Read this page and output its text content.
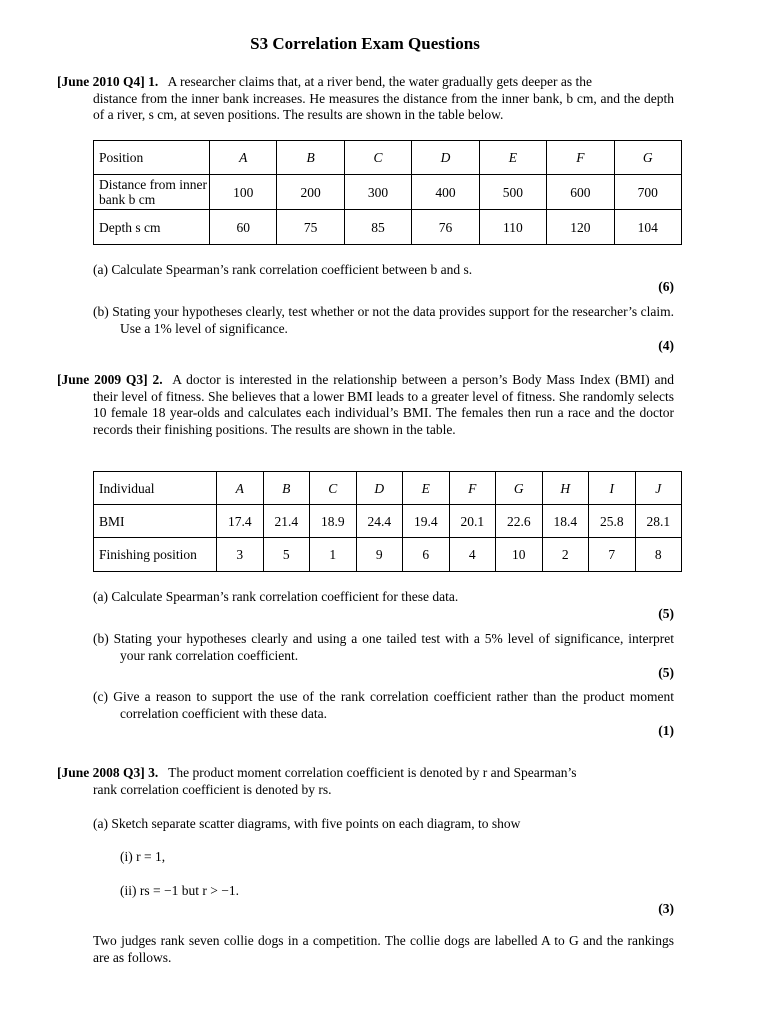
S3 Correlation Exam Questions
[June 2010 Q4] 1. A researcher claims that, at a river bend, the water gradually gets deeper as the
distance from the inner bank increases. He measures the distance from the inner bank, b cm, and the depth of a river, s cm, at seven positions. The results are shown in the table below.
Position	A	B	C	D	E	F	G
Distance from inner bank b cm	100	200	300	400	500	600	700
Depth s cm	60	75	85	76	110	120	104
(a) Calculate Spearman’s rank correlation coefficient between b and s.
(6)
(b) Stating your hypotheses clearly, test whether or not the data provides support for the researcher’s claim. Use a 1% level of significance.
(4)
[June 2009 Q3] 2. A doctor is interested in the relationship between a person’s Body Mass Index (BMI) and their level of fitness. She believes that a lower BMI leads to a greater level of fitness. She randomly selects 10 female 18 year-olds and calculates each individual’s BMI. The females then run a race and the doctor records their finishing positions. The results are shown in the table.
Individual	A	B	C	D	E	F	G	H	I	J
BMI	17.4	21.4	18.9	24.4	19.4	20.1	22.6	18.4	25.8	28.1
Finishing position	3	5	1	9	6	4	10	2	7	8
(a) Calculate Spearman’s rank correlation coefficient for these data.
(5)
(b) Stating your hypotheses clearly and using a one tailed test with a 5% level of significance, interpret your rank correlation coefficient.
(5)
(c) Give a reason to support the use of the rank correlation coefficient rather than the product moment correlation coefficient with these data.
(1)
[June 2008 Q3] 3. The product moment correlation coefficient is denoted by r and Spearman’s
rank correlation coefficient is denoted by rs.
(a) Sketch separate scatter diagrams, with five points on each diagram, to show
(i) r = 1,
(ii) rs = −1 but r > −1.
(3)
Two judges rank seven collie dogs in a competition. The collie dogs are labelled A to G and the rankings are as follows.
